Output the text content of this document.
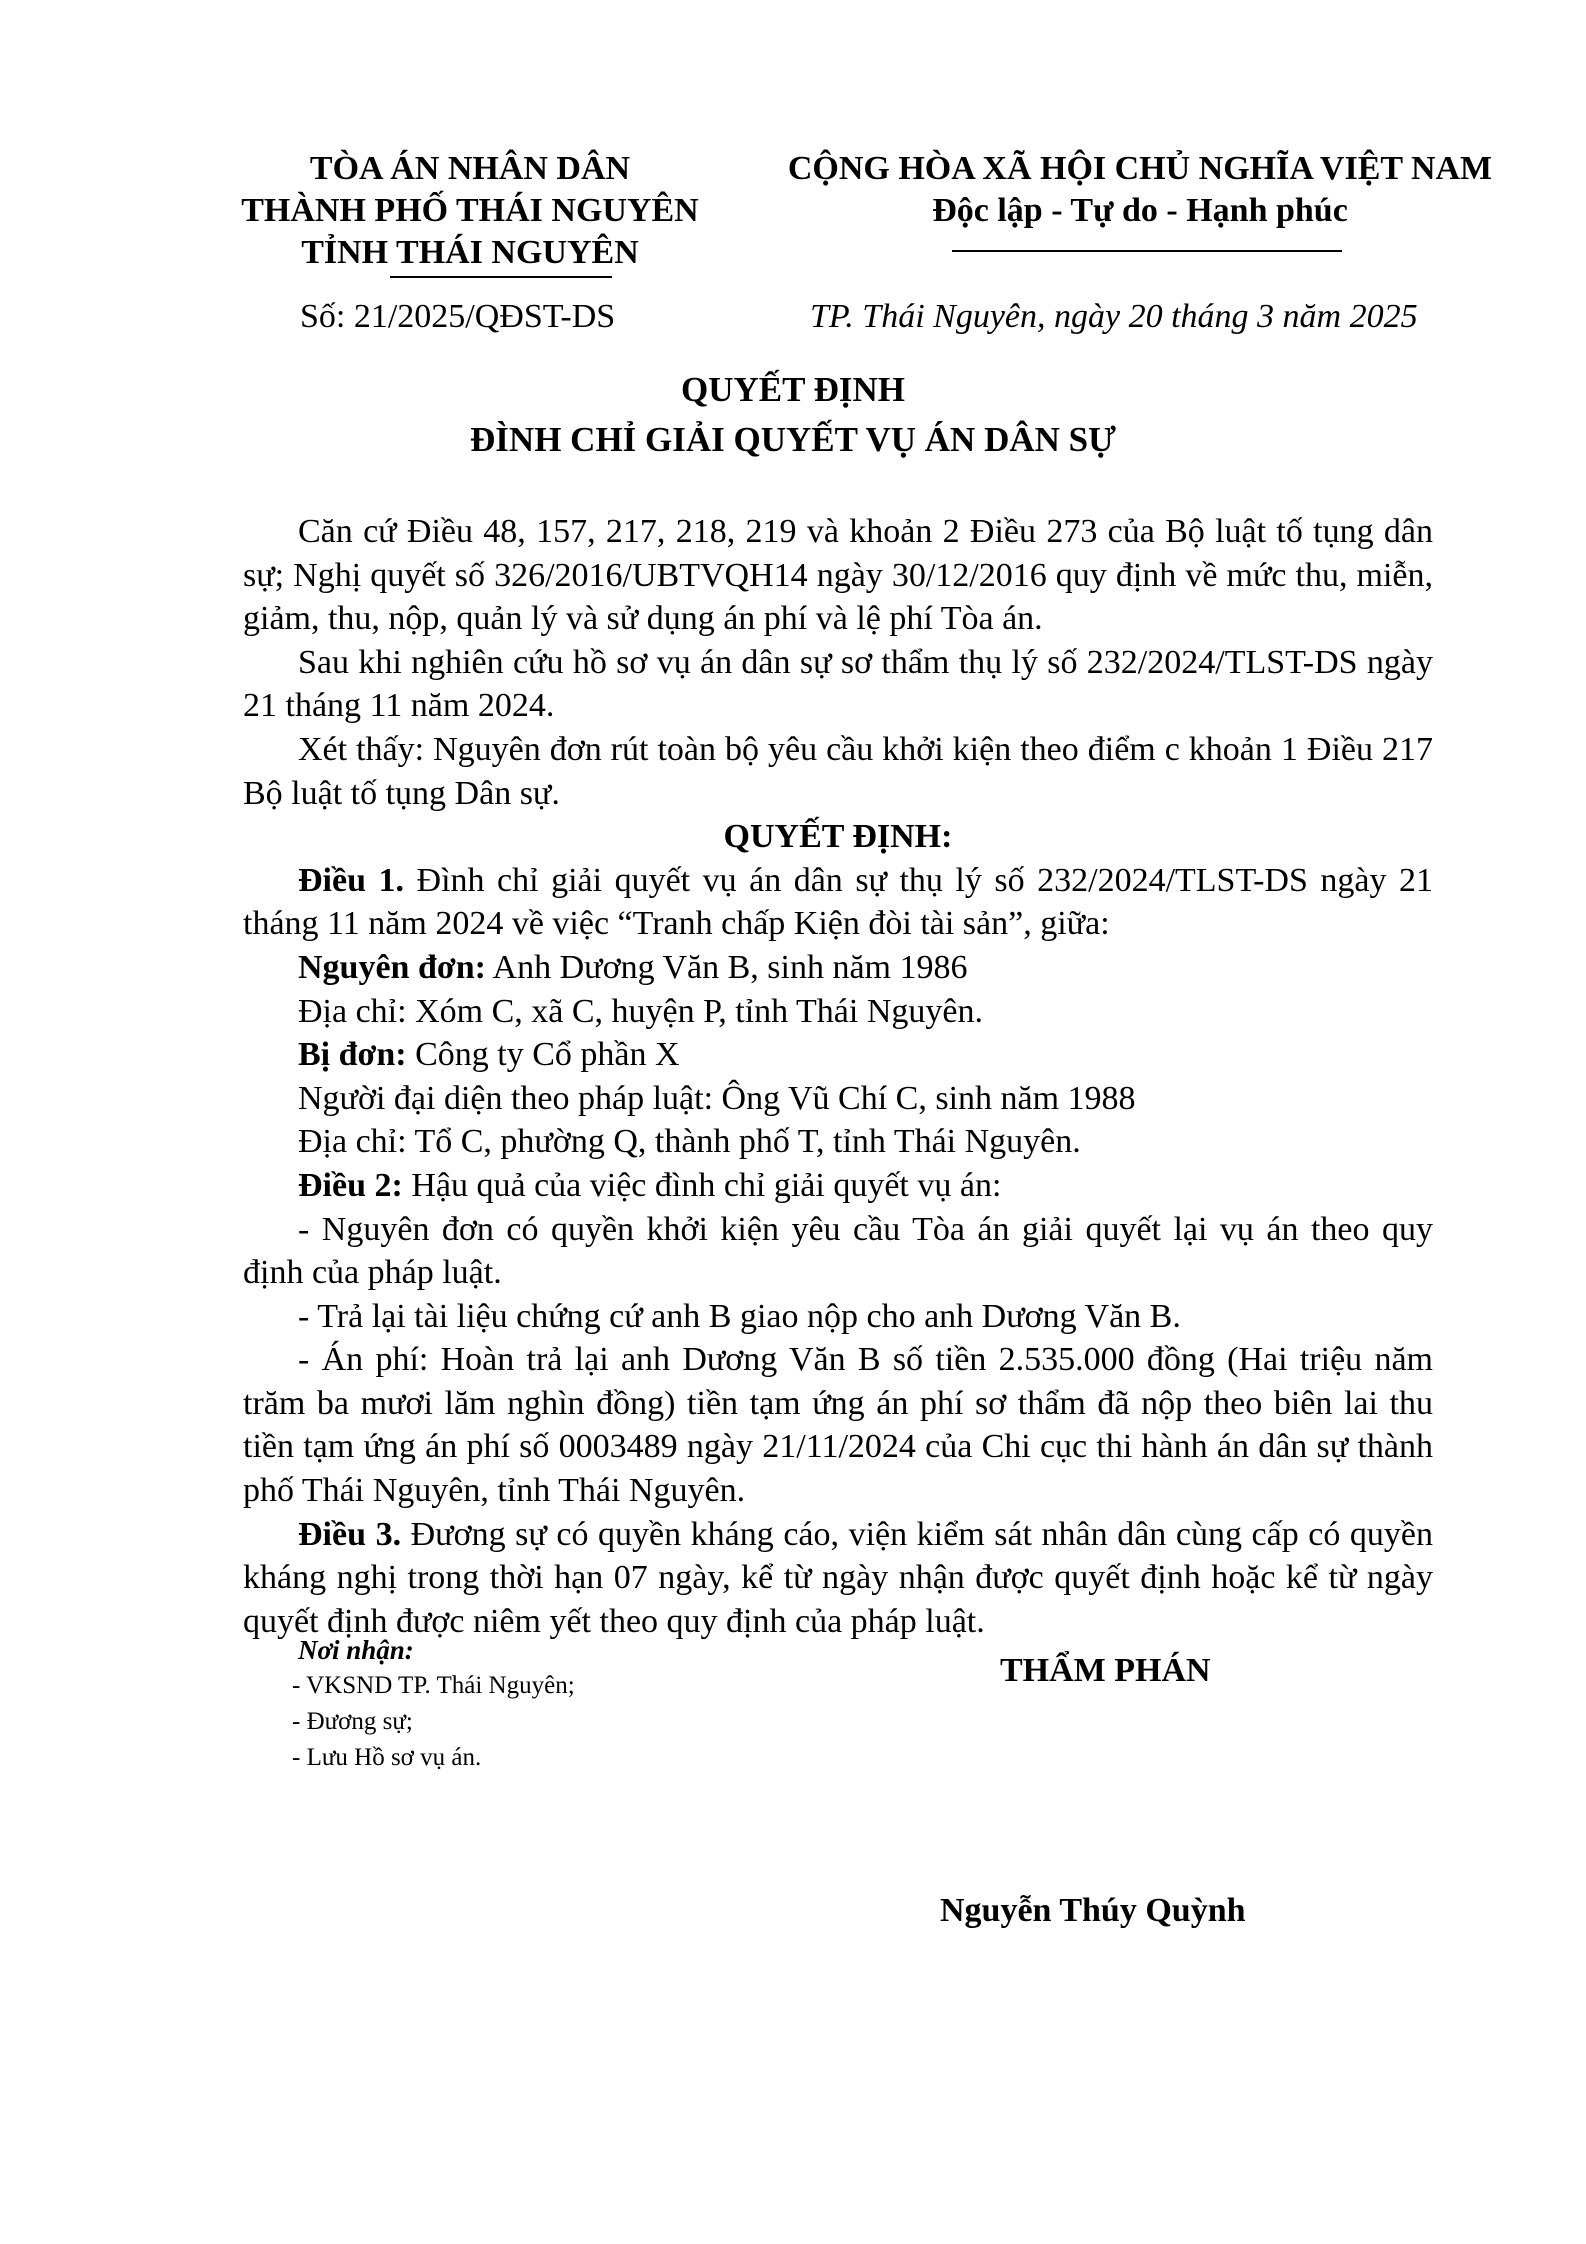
TÒA ÁN NHÂN DÂN
THÀNH PHỐ THÁI NGUYÊN
TỈNH THÁI NGUYÊN
CỘNG HÒA XÃ HỘI CHỦ NGHĨA VIỆT NAM
Độc lập - Tự do - Hạnh phúc
Số: 21/2025/QĐST-DS	TP. Thái Nguyên, ngày 20 tháng 3 năm 2025
QUYẾT ĐỊNH
ĐÌNH CHỈ GIẢI QUYẾT VỤ ÁN DÂN SỰ

Căn cứ Điều 48, 157, 217, 218, 219 và khoản 2 Điều 273 của Bộ luật tố tụng dân sự; Nghị quyết số 326/2016/UBTVQH14 ngày 30/12/2016 quy định về mức thu, miễn, giảm, thu, nộp, quản lý và sử dụng án phí và lệ phí Tòa án.

Sau khi nghiên cứu hồ sơ vụ án dân sự sơ thẩm thụ lý số 232/2024/TLST-DS ngày 21 tháng 11 năm 2024.

Xét thấy: Nguyên đơn rút toàn bộ yêu cầu khởi kiện theo điểm c khoản 1 Điều 217 Bộ luật tố tụng Dân sự.

QUYẾT ĐỊNH:

Điều 1. Đình chỉ giải quyết vụ án dân sự thụ lý số 232/2024/TLST-DS ngày 21 tháng 11 năm 2024 về việc “Tranh chấp Kiện đòi tài sản”, giữa:

Nguyên đơn: Anh Dương Văn B, sinh năm 1986

Địa chỉ: Xóm C, xã C, huyện P, tỉnh Thái Nguyên.

Bị đơn: Công ty Cổ phần X

Người đại diện theo pháp luật: Ông Vũ Chí C, sinh năm 1988

Địa chỉ: Tổ C, phường Q, thành phố T, tỉnh Thái Nguyên.

Điều 2: Hậu quả của việc đình chỉ giải quyết vụ án:

- Nguyên đơn có quyền khởi kiện yêu cầu Tòa án giải quyết lại vụ án theo quy định của pháp luật.

- Trả lại tài liệu chứng cứ anh B giao nộp cho anh Dương Văn B.

- Án phí: Hoàn trả lại anh Dương Văn B số tiền 2.535.000 đồng (Hai triệu năm trăm ba mươi lăm nghìn đồng) tiền tạm ứng án phí sơ thẩm đã nộp theo biên lai thu tiền tạm ứng án phí số 0003489 ngày 21/11/2024 của Chi cục thi hành án dân sự thành phố Thái Nguyên, tỉnh Thái Nguyên.

Điều 3. Đương sự có quyền kháng cáo, viện kiểm sát nhân dân cùng cấp có quyền kháng nghị trong thời hạn 07 ngày, kể từ ngày nhận được quyết định hoặc kể từ ngày quyết định được niêm yết theo quy định của pháp luật.

Nơi nhận:
- VKSND TP. Thái Nguyên;
- Đương sự;
- Lưu Hồ sơ vụ án.
THẨM PHÁN
Nguyễn Thúy Quỳnh
